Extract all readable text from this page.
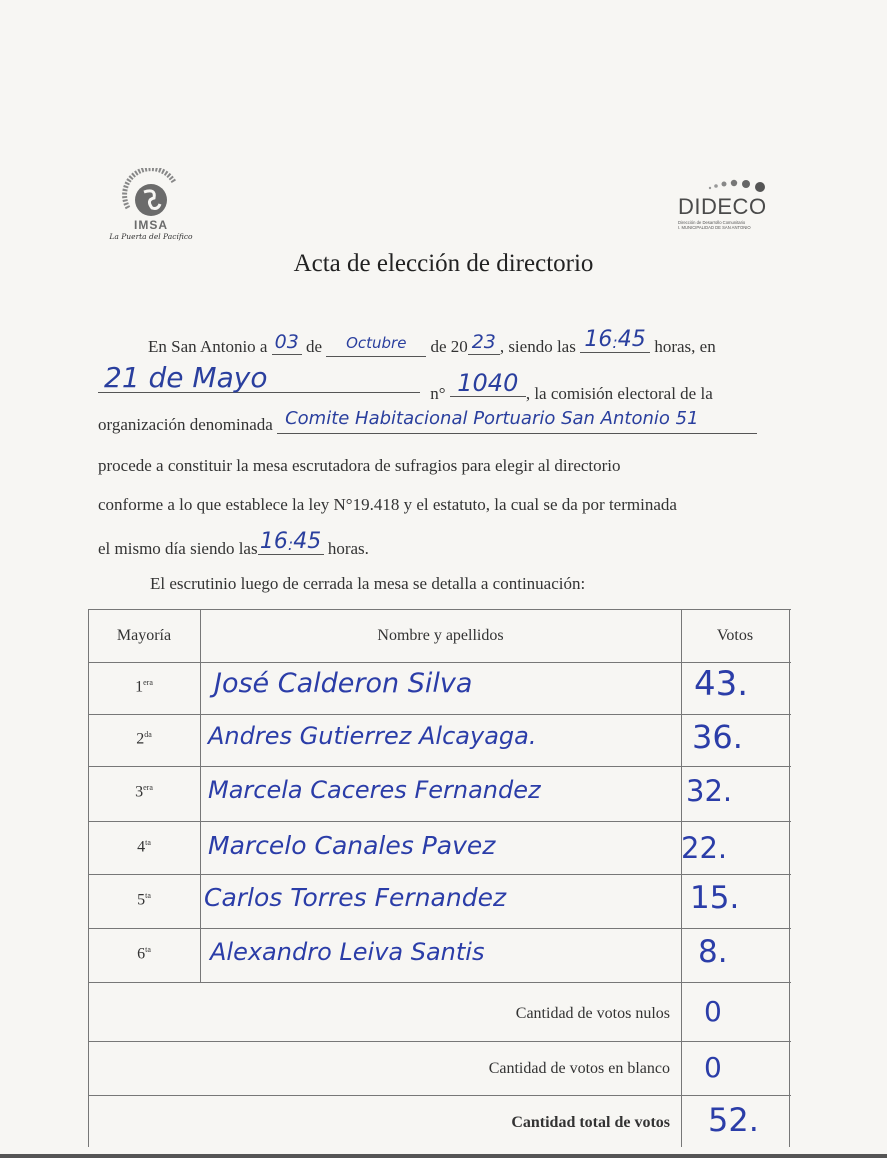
IMSA
La Puerta del Pacífico
DIDECO
Dirección de Desarrollo Comunitario
I. MUNICIPALIDAD DE SAN ANTONIO
Acta de elección de directorio
En San Antonio a 03 de Octubre de 20 23 , siendo las 16:45 horas, en
21 de Mayo	n° 1040 , la comisión electoral de la
organización denominada Comite Habitacional Portuario San Antonio 51
procede a constituir la mesa escrutadora de sufragios para elegir al directorio
conforme a lo que establece la ley N°19.418 y el estatuto, la cual se da por terminada
el mismo día siendo las 16:45 horas.
El escrutinio luego de cerrada la mesa se detalla a continuación:
Mayoría	Nombre y apellidos	Votos
$1^{era}$	José Calderon Silva	43.
$2^{da}$	Andres Gutierrez Alcayaga.	36.
$3^{era}$	Marcela Caceres Fernandez	32.
$4^{ta}$	Marcelo Canales Pavez	22.
$5^{ta}$	Carlos Torres Fernandez	15.
$6^{ta}$	Alexandro Leiva Santis	8.
Cantidad de votos nulos 0
Cantidad de votos en blanco 0
Cantidad total de votos 52.
